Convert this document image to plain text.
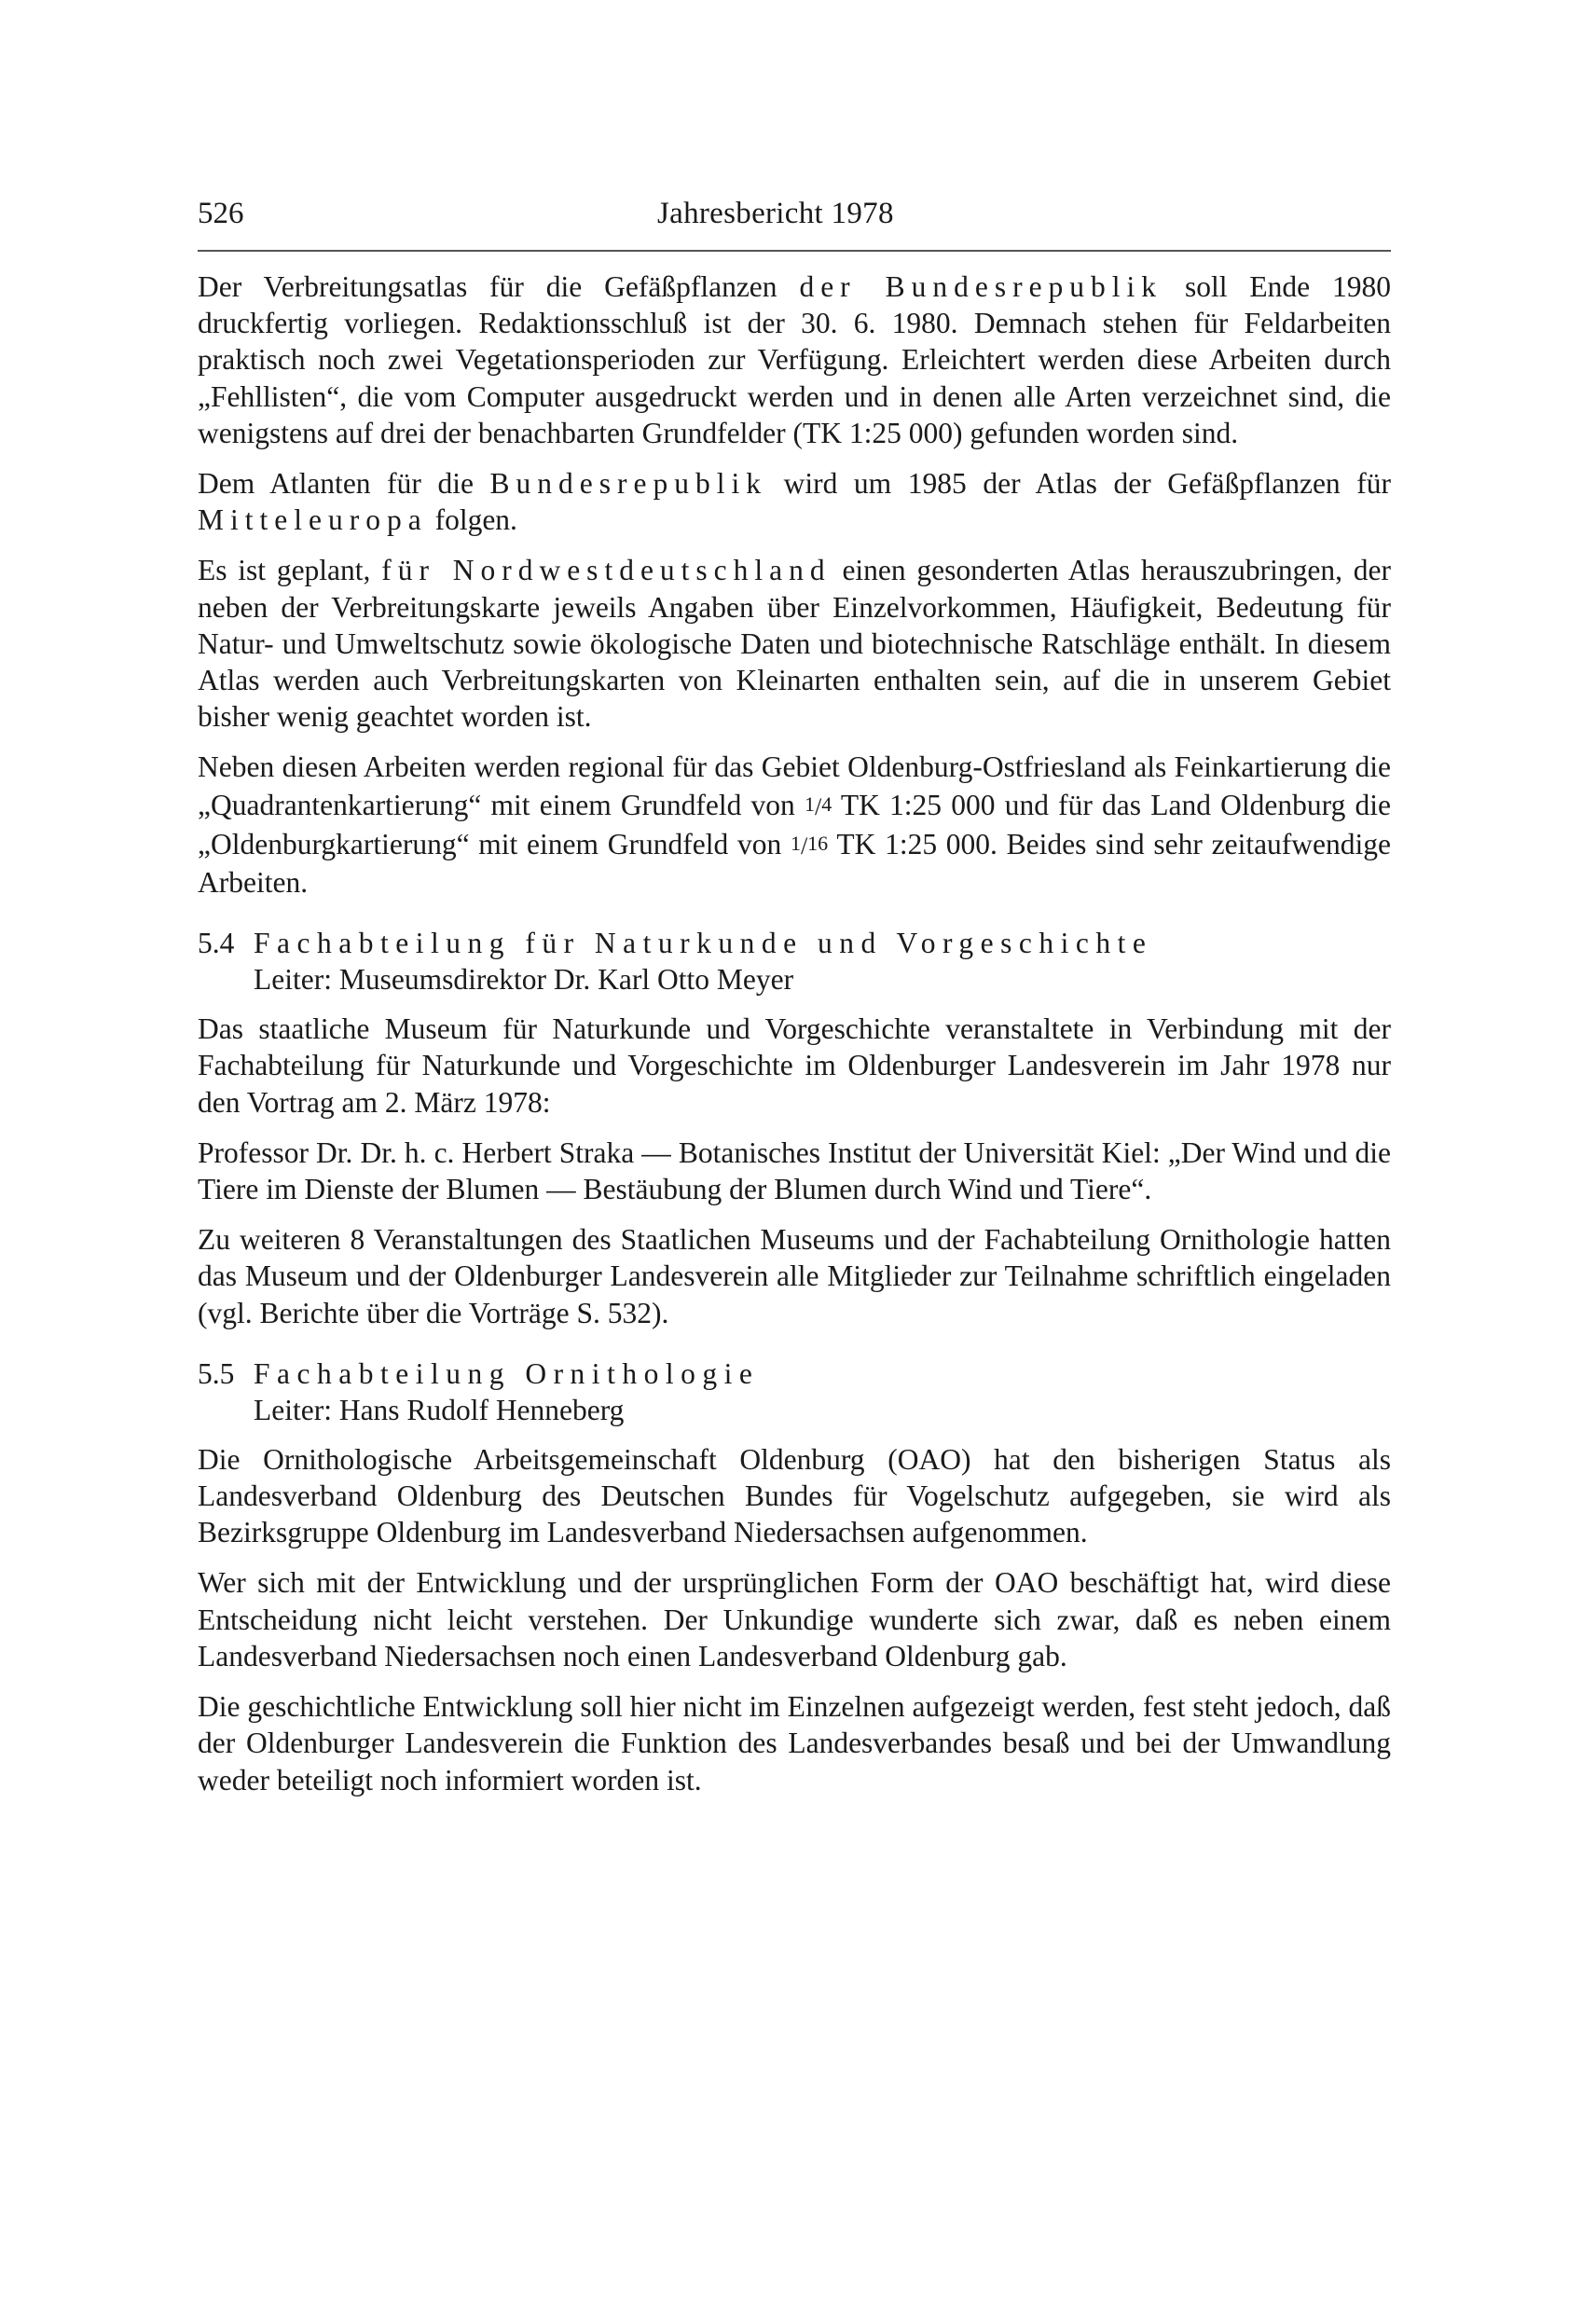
526	Jahresbericht 1978

Der Verbreitungsatlas für die Gefäßpflanzen der Bundesrepublik soll Ende 1980 druckfertig vorliegen. Redaktionsschluß ist der 30. 6. 1980. Demnach stehen für Feldarbeiten praktisch noch zwei Vegetationsperioden zur Verfügung. Erleichtert werden diese Arbeiten durch „Fehllisten“, die vom Computer ausgedruckt werden und in denen alle Arten verzeichnet sind, die wenigstens auf drei der benachbarten Grundfelder (TK 1:25 000) gefunden worden sind.

Dem Atlanten für die Bundesrepublik wird um 1985 der Atlas der Gefäßpflanzen für Mitteleuropa folgen.

Es ist geplant, für Nordwestdeutschland einen gesonderten Atlas herauszubringen, der neben der Verbreitungskarte jeweils Angaben über Einzelvorkommen, Häufigkeit, Bedeutung für Natur- und Umweltschutz sowie ökologische Daten und biotechnische Ratschläge enthält. In diesem Atlas werden auch Verbreitungskarten von Kleinarten enthalten sein, auf die in unserem Gebiet bisher wenig geachtet worden ist.

Neben diesen Arbeiten werden regional für das Gebiet Oldenburg-Ostfriesland als Feinkartierung die „Quadrantenkartierung“ mit einem Grundfeld von 1/4 TK 1:25 000 und für das Land Oldenburg die „Oldenburgkartierung“ mit einem Grundfeld von 1/16 TK 1:25 000. Beides sind sehr zeitaufwendige Arbeiten.

5.4 Fachabteilung für Naturkunde und Vorgeschichte
Leiter: Museumsdirektor Dr. Karl Otto Meyer

Das staatliche Museum für Naturkunde und Vorgeschichte veranstaltete in Verbindung mit der Fachabteilung für Naturkunde und Vorgeschichte im Oldenburger Landesverein im Jahr 1978 nur den Vortrag am 2. März 1978:

Professor Dr. Dr. h. c. Herbert Straka — Botanisches Institut der Universität Kiel: „Der Wind und die Tiere im Dienste der Blumen — Bestäubung der Blumen durch Wind und Tiere“.

Zu weiteren 8 Veranstaltungen des Staatlichen Museums und der Fachabteilung Ornithologie hatten das Museum und der Oldenburger Landesverein alle Mitglieder zur Teilnahme schriftlich eingeladen (vgl. Berichte über die Vorträge S. 532).

5.5 Fachabteilung Ornithologie
Leiter: Hans Rudolf Henneberg

Die Ornithologische Arbeitsgemeinschaft Oldenburg (OAO) hat den bisherigen Status als Landesverband Oldenburg des Deutschen Bundes für Vogelschutz aufgegeben, sie wird als Bezirksgruppe Oldenburg im Landesverband Niedersachsen aufgenommen.

Wer sich mit der Entwicklung und der ursprünglichen Form der OAO beschäftigt hat, wird diese Entscheidung nicht leicht verstehen. Der Unkundige wunderte sich zwar, daß es neben einem Landesverband Niedersachsen noch einen Landesverband Oldenburg gab.

Die geschichtliche Entwicklung soll hier nicht im Einzelnen aufgezeigt werden, fest steht jedoch, daß der Oldenburger Landesverein die Funktion des Landesverbandes besaß und bei der Umwandlung weder beteiligt noch informiert worden ist.
